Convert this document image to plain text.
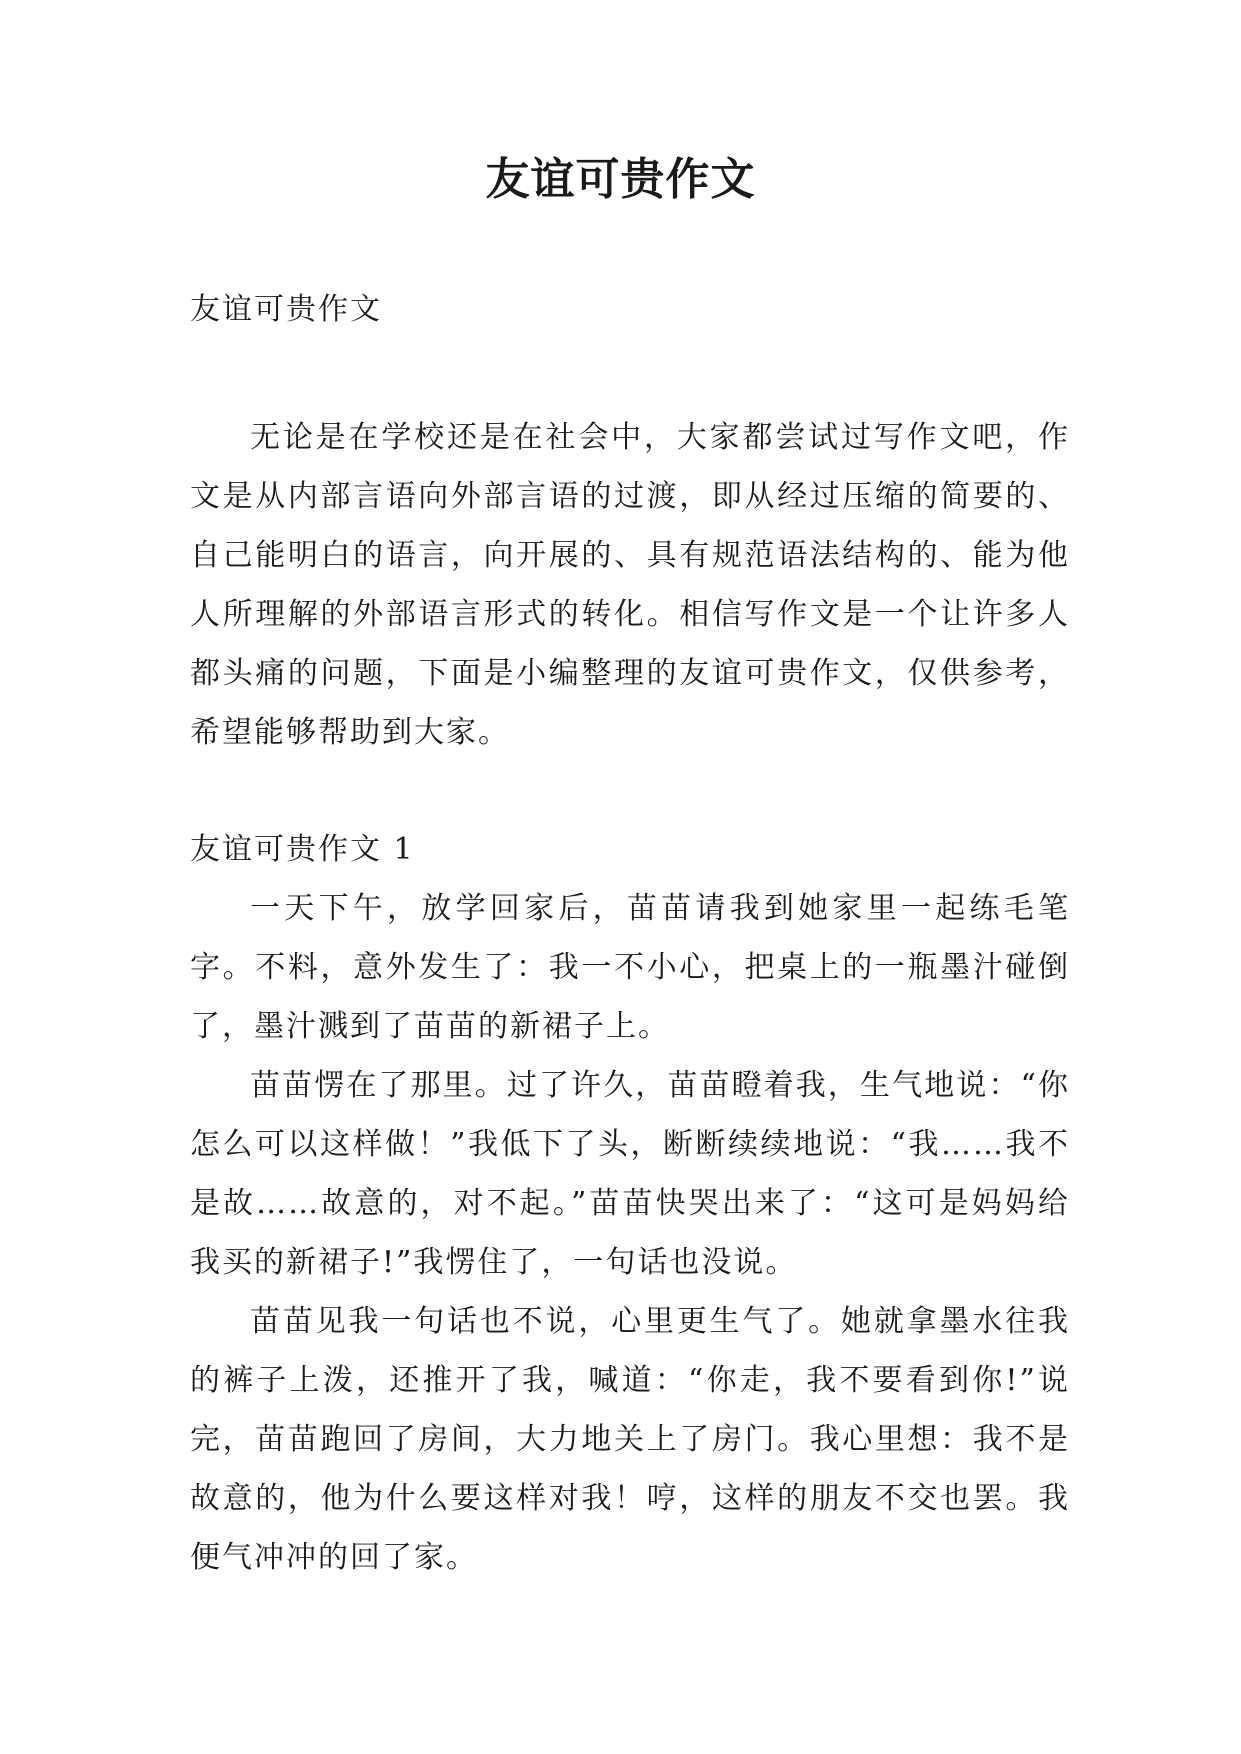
友谊可贵作文

友谊可贵作文

无论是在学校还是在社会中，大家都尝试过写作文吧，作文是从内部言语向外部言语的过渡，即从经过压缩的简要的、自己能明白的语言，向开展的、具有规范语法结构的、能为他人所理解的外部语言形式的转化。相信写作文是一个让许多人都头痛的问题，下面是小编整理的友谊可贵作文，仅供参考，希望能够帮助到大家。

友谊可贵作文 1

一天下午，放学回家后，苗苗请我到她家里一起练毛笔字。不料，意外发生了：我一不小心，把桌上的一瓶墨汁碰倒了，墨汁溅到了苗苗的新裙子上。

苗苗愣在了那里。过了许久，苗苗瞪着我，生气地说：“你怎么可以这样做！”我低下了头，断断续续地说：“我……我不是故……故意的，对不起。”苗苗快哭出来了：“这可是妈妈给我买的新裙子!”我愣住了，一句话也没说。

苗苗见我一句话也不说，心里更生气了。她就拿墨水往我的裤子上泼，还推开了我，喊道：“你走，我不要看到你!”说完，苗苗跑回了房间，大力地关上了房门。我心里想：我不是故意的，他为什么要这样对我！哼，这样的朋友不交也罢。我便气冲冲的回了家。
